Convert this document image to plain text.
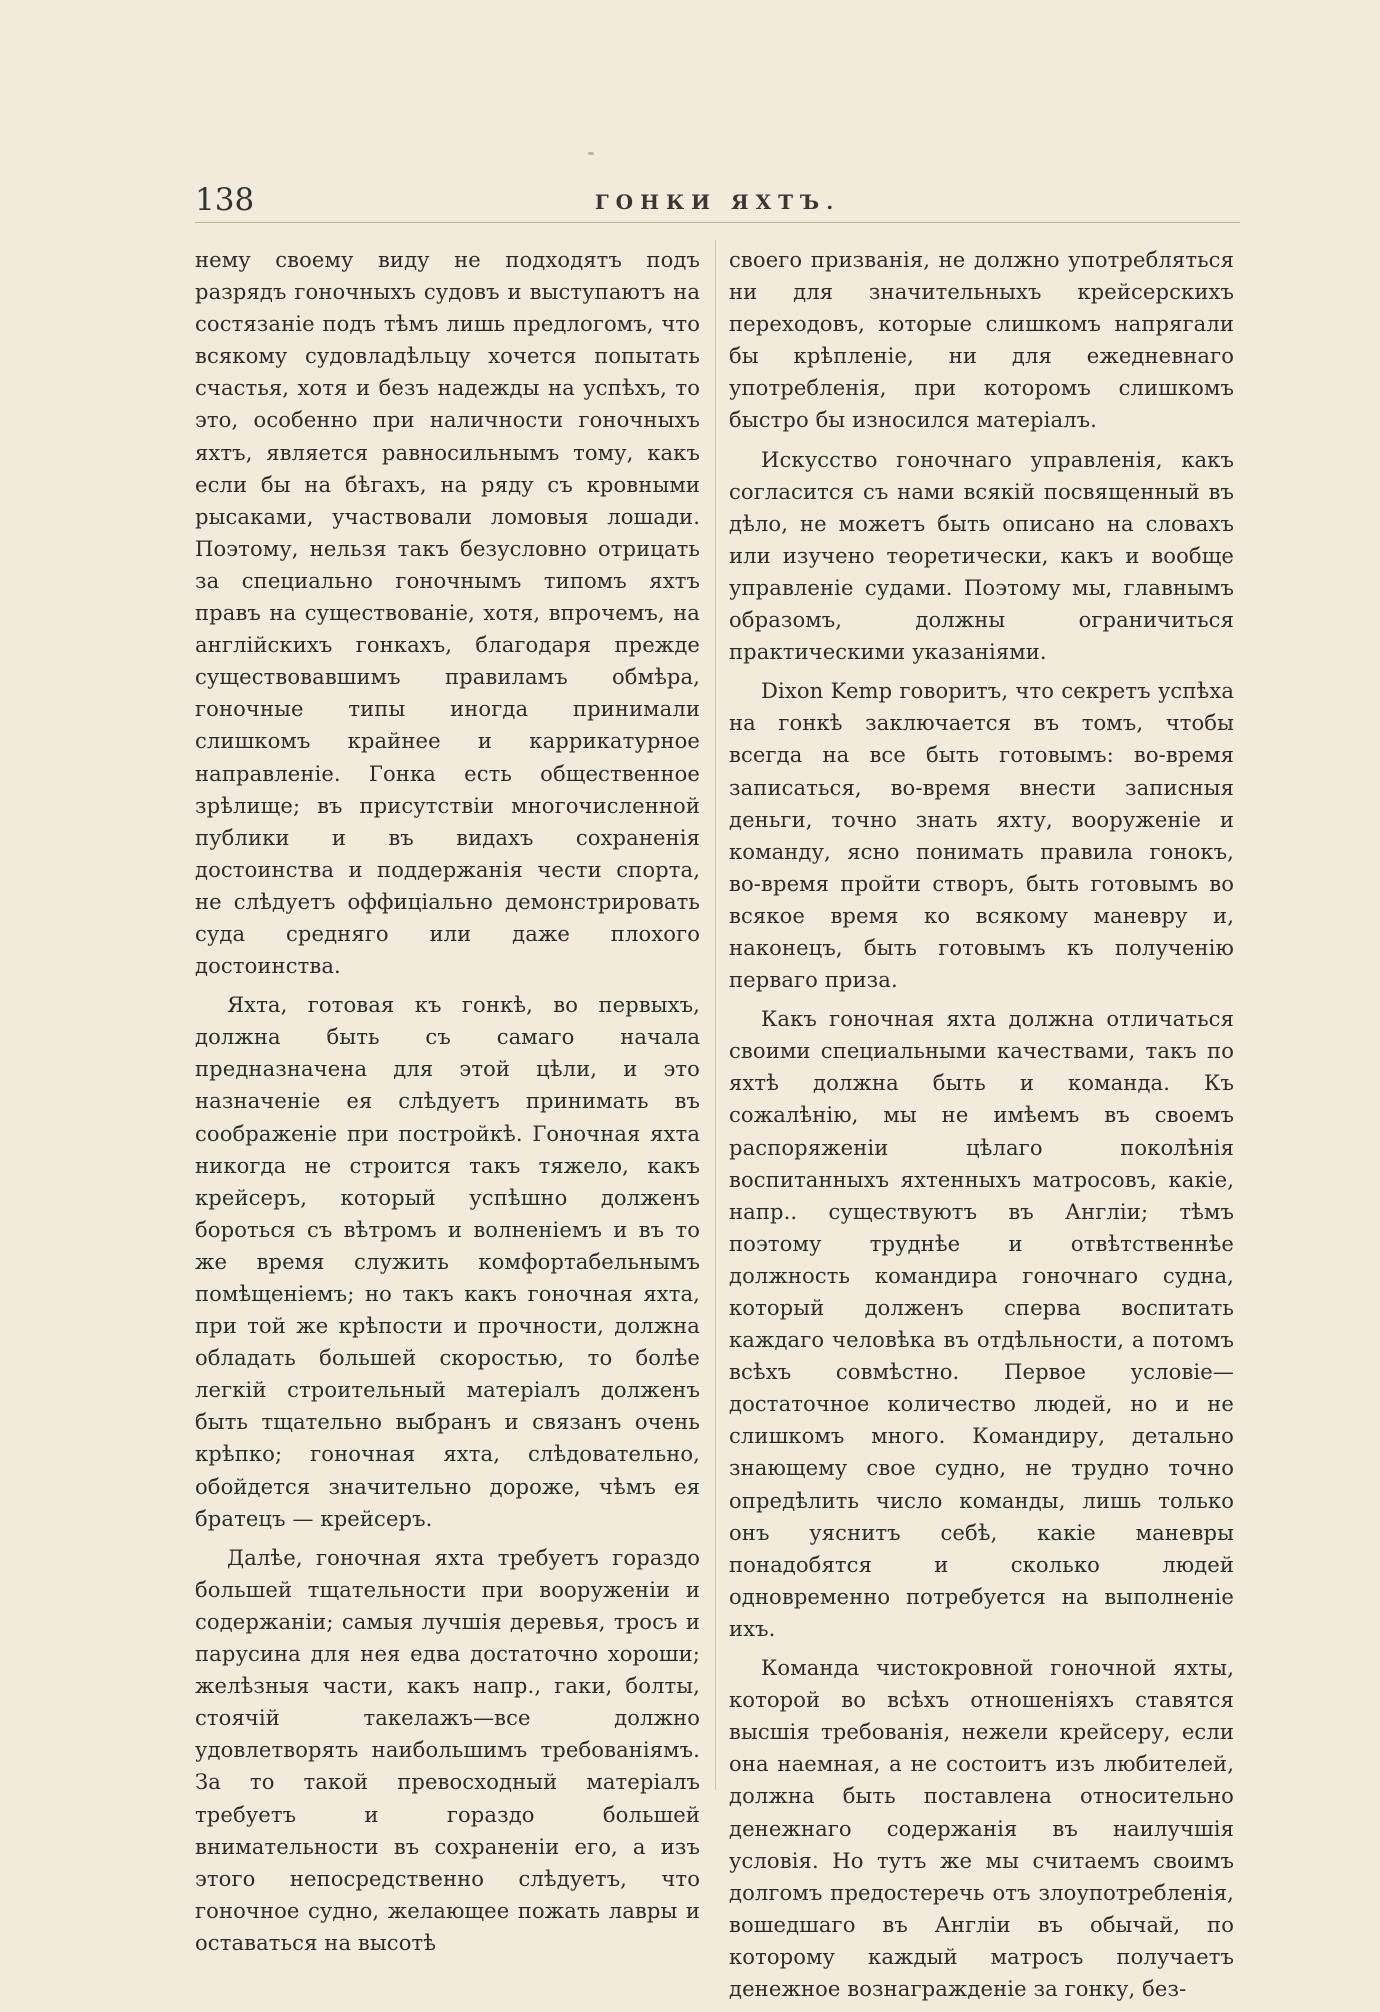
138	ГОНКИ ЯХТЪ.

нему своему виду не подходятъ подъ разрядъ гоночныхъ судовъ и выступаютъ на состязаніе подъ тѣмъ лишь предлогомъ, что всякому судовладѣльцу хочется попытать счастья, хотя и безъ надежды на успѣхъ, то это, особенно при наличности гоночныхъ яхтъ, является равносильнымъ тому, какъ если бы на бѣгахъ, на ряду съ кровными рысаками, участвовали ломовыя лошади. Поэтому, нельзя такъ безусловно отрицать за специально гоночнымъ типомъ яхтъ правъ на существованіе, хотя, впрочемъ, на англійскихъ гонкахъ, благодаря прежде существовавшимъ правиламъ обмѣра, гоночные типы иногда принимали слишкомъ крайнее и каррикатурное направленіе. Гонка есть общественное зрѣлище; въ присутствіи многочисленной публики и въ видахъ сохраненія достоинства и поддержанія чести спорта, не слѣдуетъ оффиціально демонстрировать суда средняго или даже плохого достоинства.

Яхта, готовая къ гонкѣ, во первыхъ, должна быть съ самаго начала предназначена для этой цѣли, и это назначеніе ея слѣдуетъ принимать въ соображеніе при постройкѣ. Гоночная яхта никогда не строится такъ тяжело, какъ крейсеръ, который успѣшно долженъ бороться съ вѣтромъ и волненіемъ и въ то же время служить комфортабельнымъ помѣщеніемъ; но такъ какъ гоночная яхта, при той же крѣпости и прочности, должна обладать большей скоростью, то болѣе легкій строительный матеріалъ долженъ быть тщательно выбранъ и связанъ очень крѣпко; гоночная яхта, слѣдовательно, обойдется значительно дороже, чѣмъ ея братецъ — крейсеръ.

Далѣе, гоночная яхта требуетъ гораздо большей тщательности при вооруженіи и содержаніи; самыя лучшія деревья, тросъ и парусина для нея едва достаточно хороши; желѣзныя части, какъ напр., гаки, болты, стоячій такелажъ—все должно удовлетворять наибольшимъ требованіямъ. За то такой превосходный матеріалъ требуетъ и гораздо большей внимательности въ сохраненіи его, а изъ этого непосредственно слѣдуетъ, что гоночное судно, желающее пожать лавры и оставаться на высотѣ

своего призванія, не должно употребляться ни для значительныхъ крейсерскихъ переходовъ, которые слишкомъ напрягали бы крѣпленіе, ни для ежедневнаго употребленія, при которомъ слишкомъ быстро бы износился матеріалъ.

Искусство гоночнаго управленія, какъ согласится съ нами всякій посвященный въ дѣло, не можетъ быть описано на словахъ или изучено теоретически, какъ и вообще управленіе судами. Поэтому мы, главнымъ образомъ, должны ограничиться практическими указаніями.

Dixon Kemp говоритъ, что секретъ успѣха на гонкѣ заключается въ томъ, чтобы всегда на все быть готовымъ: во-время записаться, во-время внести записныя деньги, точно знать яхту, вооруженіе и команду, ясно понимать правила гонокъ, во-время пройти створъ, быть готовымъ во всякое время ко всякому маневру и, наконецъ, быть готовымъ къ полученію перваго приза.

Какъ гоночная яхта должна отличаться своими специальными качествами, такъ по яхтѣ должна быть и команда. Къ сожалѣнію, мы не имѣемъ въ своемъ распоряженіи цѣлаго поколѣнія воспитанныхъ яхтенныхъ матросовъ, какіе, напр.. существуютъ въ Англіи; тѣмъ поэтому труднѣе и отвѣтственнѣе должность командира гоночнаго судна, который долженъ сперва воспитать каждаго человѣка въ отдѣльности, а потомъ всѣхъ совмѣстно. Первое условіе—достаточное количество людей, но и не слишкомъ много. Командиру, детально знающему свое судно, не трудно точно опредѣлить число команды, лишь только онъ уяснитъ себѣ, какіе маневры понадобятся и сколько людей одновременно потребуется на выполненіе ихъ.

Команда чистокровной гоночной яхты, которой во всѣхъ отношеніяхъ ставятся высшія требованія, нежели крейсеру, если она наемная, а не состоитъ изъ любителей, должна быть поставлена относительно денежнаго содержанія въ наилучшія условія. Но тутъ же мы считаемъ своимъ долгомъ предостеречь отъ злоупотребленія, вошедшаго въ Англіи въ обычай, по которому каждый матросъ получаетъ денежное вознагражденіе за гонку, без-
